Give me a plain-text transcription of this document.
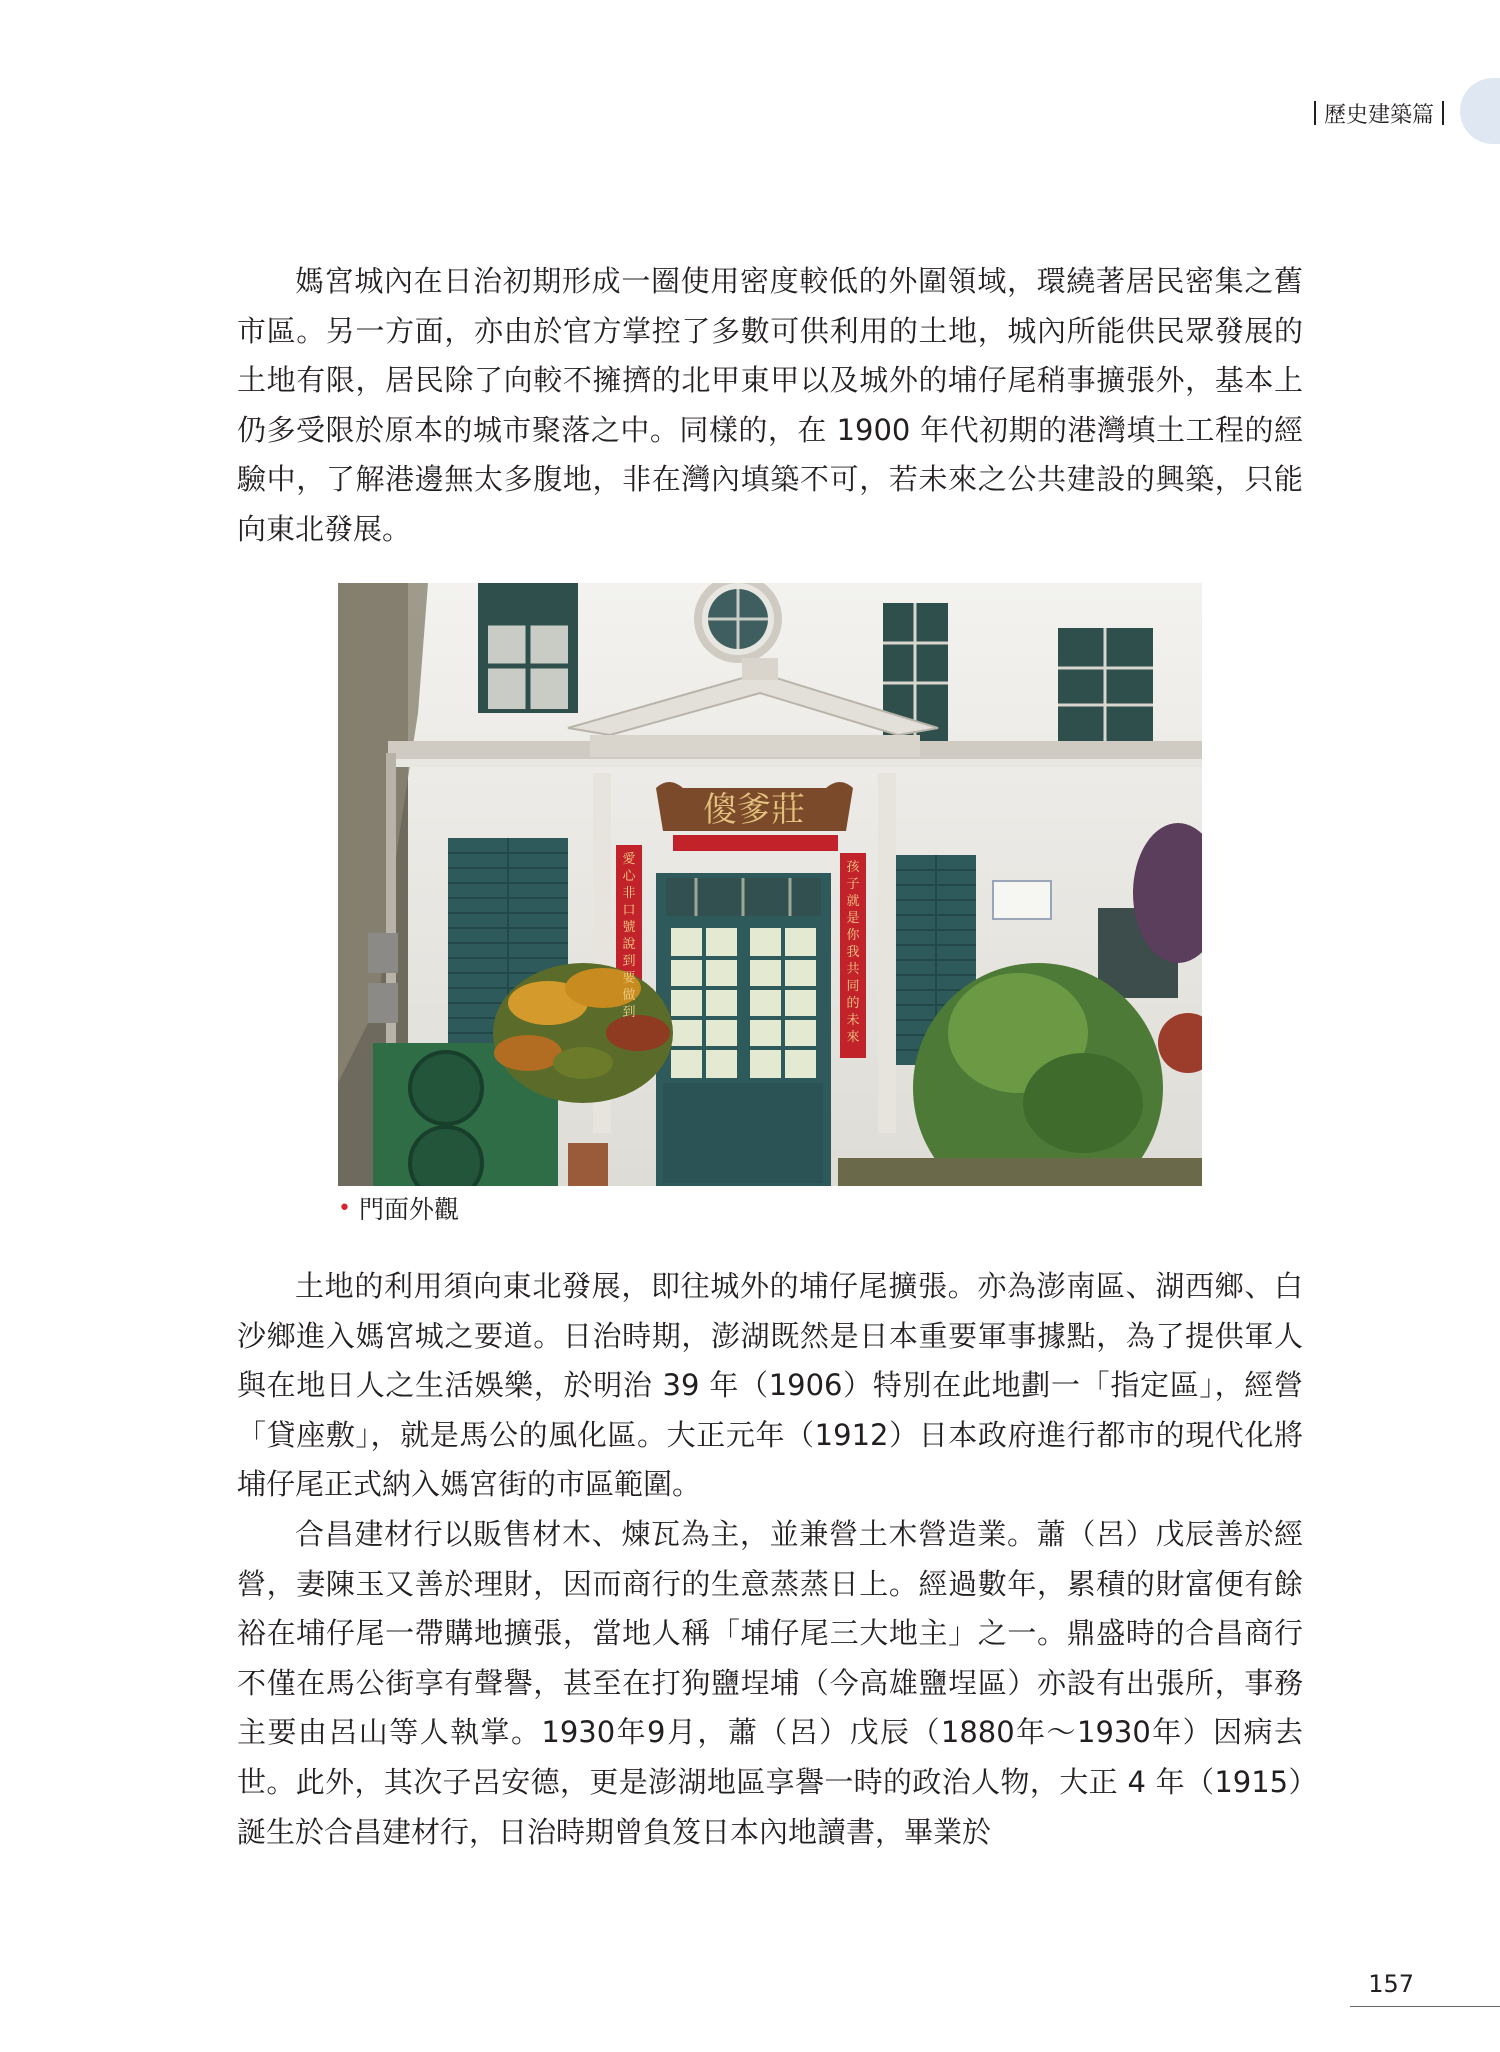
歷史建築篇

媽宮城內在日治初期形成一圈使用密度較低的外圍領域，環繞著居民密集之舊市區。另一方面，亦由於官方掌控了多數可供利用的土地，城內所能供民眾發展的土地有限，居民除了向較不擁擠的北甲東甲以及城外的埔仔尾稍事擴張外，基本上仍多受限於原本的城市聚落之中。同樣的，在 1900 年代初期的港灣填土工程的經驗中，了解港邊無太多腹地，非在灣內填築不可，若未來之公共建設的興築，只能向東北發展。

傻爹莊
愛
心
非
口
號
說
到
要
做
到
孩
子
就
是
你
我
共
同
的
未
來
• 門面外觀

土地的利用須向東北發展，即往城外的埔仔尾擴張。亦為澎南區、湖西鄉、白沙鄉進入媽宮城之要道。日治時期，澎湖既然是日本重要軍事據點，為了提供軍人與在地日人之生活娛樂，於明治 39 年（1906）特別在此地劃一「指定區」，經營「貸座敷」，就是馬公的風化區。大正元年（1912）日本政府進行都市的現代化將埔仔尾正式納入媽宮街的市區範圍。

合昌建材行以販售材木、煉瓦為主，並兼營土木營造業。蕭（呂）戊辰善於經營，妻陳玉又善於理財，因而商行的生意蒸蒸日上。經過數年，累積的財富便有餘裕在埔仔尾一帶購地擴張，當地人稱「埔仔尾三大地主」之一。鼎盛時的合昌商行不僅在馬公街享有聲譽，甚至在打狗鹽埕埔（今高雄鹽埕區）亦設有出張所，事務主要由呂山等人執掌。1930年9月，蕭（呂）戊辰（1880年～1930年）因病去世。此外，其次子呂安德，更是澎湖地區享譽一時的政治人物，大正 4 年（1915）誕生於合昌建材行，日治時期曾負笈日本內地讀書，畢業於

157
